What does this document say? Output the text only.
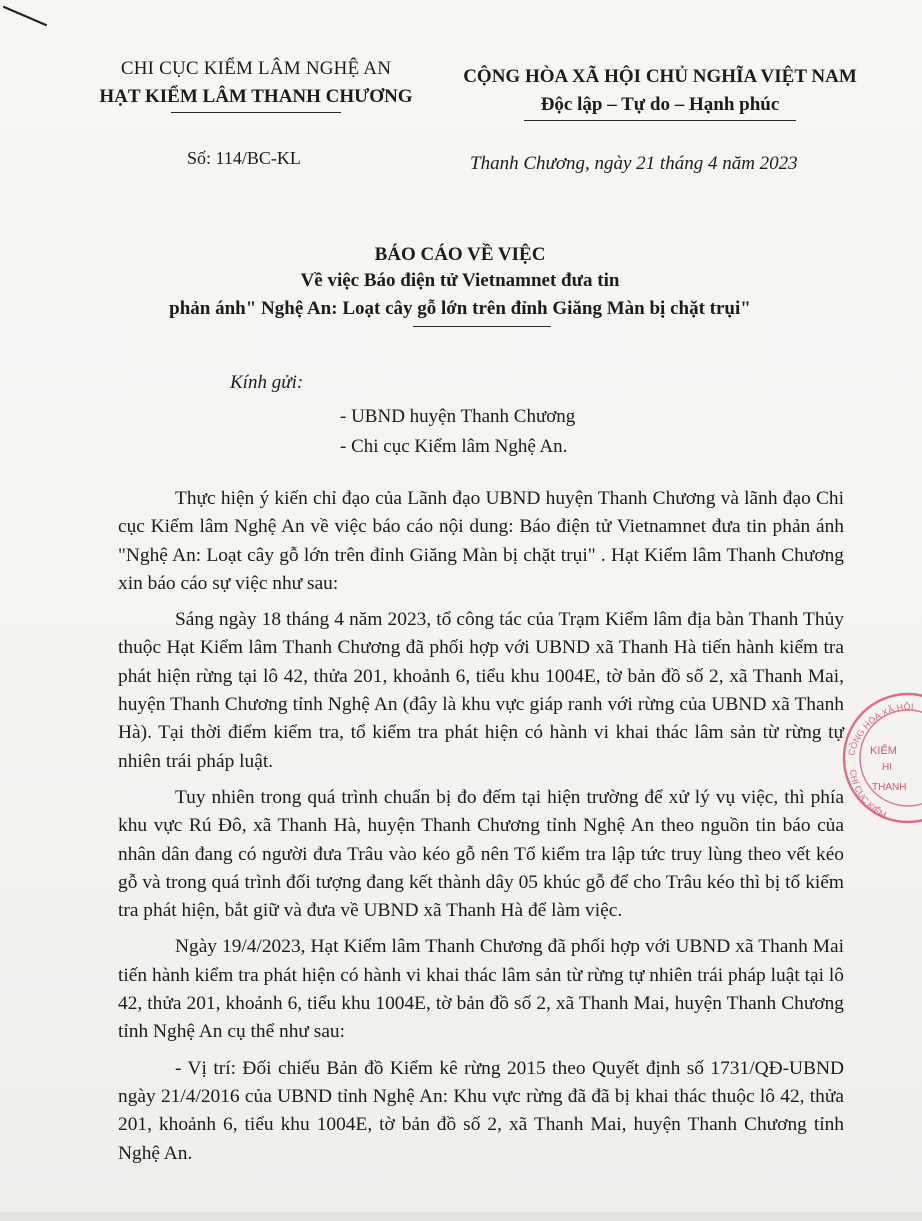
CHI CỤC KIỂM LÂM NGHỆ AN
HẠT KIỂM LÂM THANH CHƯƠNG
CỘNG HÒA XÃ HỘI CHỦ NGHĨA VIỆT NAM
Độc lập – Tự do – Hạnh phúc
Số: 114/BC-KL	Thanh Chương, ngày 21 tháng 4 năm 2023
BÁO CÁO VỀ VIỆC
Về việc Báo điện tử Vietnamnet đưa tin
phản ánh" Nghệ An: Loạt cây gỗ lớn trên đỉnh Giăng Màn bị chặt trụi"
Kính gửi:
- UBND huyện Thanh Chương
- Chi cục Kiểm lâm Nghệ An.

Thực hiện ý kiến chỉ đạo của Lãnh đạo UBND huyện Thanh Chương và lãnh đạo Chi cục Kiểm lâm Nghệ An về việc báo cáo nội dung: Báo điện tử Vietnamnet đưa tin phản ánh "Nghệ An: Loạt cây gỗ lớn trên đỉnh Giăng Màn bị chặt trụi" . Hạt Kiểm lâm Thanh Chương xin báo cáo sự việc như sau:

Sáng ngày 18 tháng 4 năm 2023, tổ công tác của Trạm Kiểm lâm địa bàn Thanh Thủy thuộc Hạt Kiểm lâm Thanh Chương đã phối hợp với UBND xã Thanh Hà tiến hành kiểm tra phát hiện rừng tại lô 42, thửa 201, khoảnh 6, tiểu khu 1004E, tờ bản đồ số 2, xã Thanh Mai, huyện Thanh Chương tỉnh Nghệ An (đây là khu vực giáp ranh với rừng của UBND xã Thanh Hà). Tại thời điểm kiểm tra, tổ kiểm tra phát hiện có hành vi khai thác lâm sản từ rừng tự nhiên trái pháp luật.

Tuy nhiên trong quá trình chuẩn bị đo đếm tại hiện trường để xử lý vụ việc, thì phía khu vực Rú Đô, xã Thanh Hà, huyện Thanh Chương tỉnh Nghệ An theo nguồn tin báo của nhân dân đang có người đưa Trâu vào kéo gỗ nên Tổ kiểm tra lập tức truy lùng theo vết kéo gỗ và trong quá trình đối tượng đang kết thành dây 05 khúc gỗ để cho Trâu kéo thì bị tổ kiểm tra phát hiện, bắt giữ và đưa về UBND xã Thanh Hà để làm việc.

Ngày 19/4/2023, Hạt Kiểm lâm Thanh Chương đã phối hợp với UBND xã Thanh Mai tiến hành kiểm tra phát hiện có hành vi khai thác lâm sản từ rừng tự nhiên trái pháp luật tại lô 42, thửa 201, khoảnh 6, tiểu khu 1004E, tờ bản đồ số 2, xã Thanh Mai, huyện Thanh Chương tỉnh Nghệ An cụ thể như sau:

- Vị trí: Đối chiếu Bản đồ Kiểm kê rừng 2015 theo Quyết định số 1731/QĐ-UBND ngày 21/4/2016 của UBND tỉnh Nghệ An: Khu vực rừng đã đã bị khai thác thuộc lô 42, thửa 201, khoảnh 6, tiểu khu 1004E, tờ bản đồ số 2, xã Thanh Mai, huyện Thanh Chương tỉnh Nghệ An.

CÔNG HÒA XÃ HỘI
CHI CỤC KIỂM
KIỂM
HI
THANH
